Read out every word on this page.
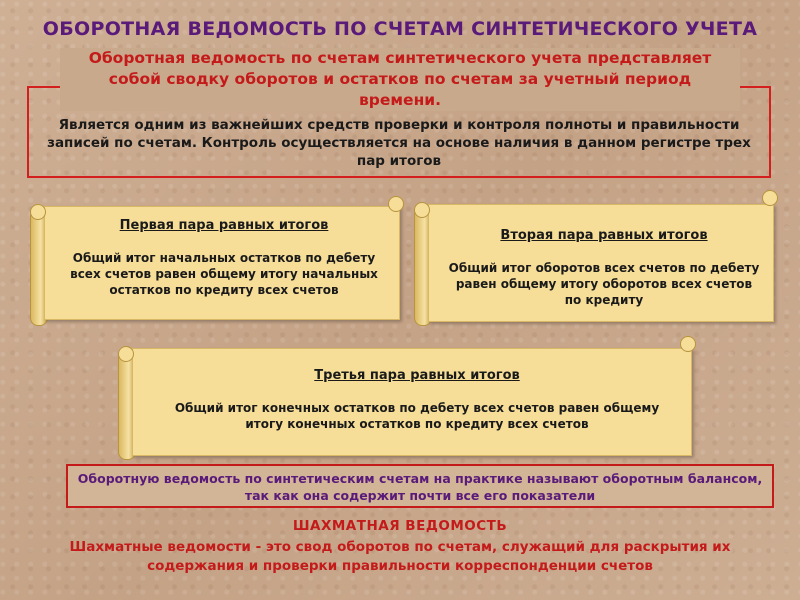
ОБОРОТНАЯ ВЕДОМОСТЬ ПО СЧЕТАМ СИНТЕТИЧЕСКОГО УЧЕТА
Оборотная ведомость по счетам синтетического учета представляет собой сводку оборотов и остатков по счетам за учетный период времени.
Является одним из важнейших средств проверки и контроля полноты и правильности записей по счетам. Контроль осуществляется на основе наличия в данном регистре трех пар итогов
Первая пара равных итогов
Общий итог начальных остатков по дебету всех счетов равен общему итогу начальных остатков по кредиту всех счетов
Вторая пара равных итогов
Общий итог оборотов всех счетов по дебету равен общему итогу оборотов всех счетов по кредиту
Третья пара равных итогов
Общий итог конечных остатков по дебету всех счетов равен общему итогу конечных остатков по кредиту всех счетов
Оборотную ведомость по синтетическим счетам на практике называют оборотным балансом, так как она содержит почти все его показатели
ШАХМАТНАЯ ВЕДОМОСТЬ
Шахматные ведомости - это свод оборотов по счетам, служащий для раскрытия их содержания и проверки правильности корреспонденции счетов
